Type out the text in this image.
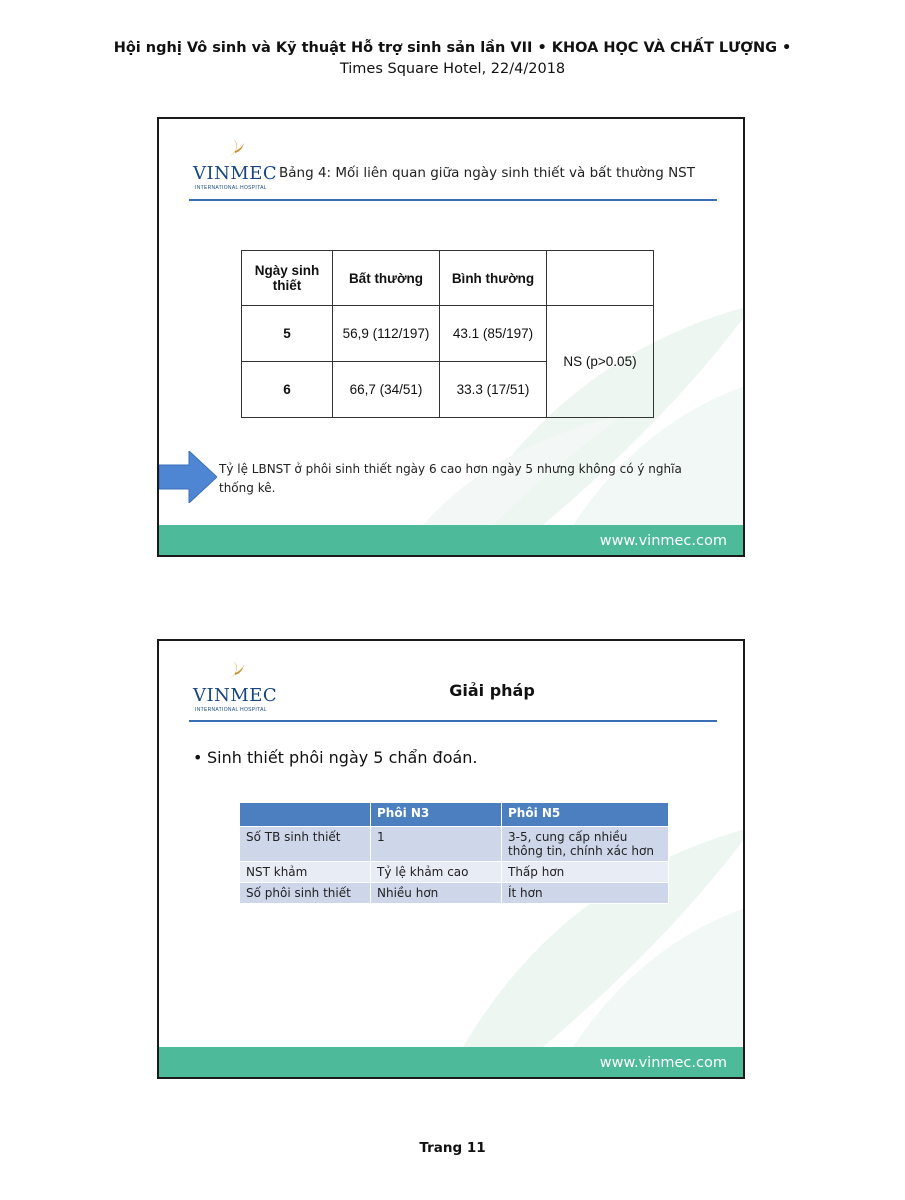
Hội nghị Vô sinh và Kỹ thuật Hỗ trợ sinh sản lần VII • KHOA HỌC VÀ CHẤT LƯỢNG •
Times Square Hotel, 22/4/2018
VINMEC
INTERNATIONAL HOSPITAL
Bảng 4: Mối liên quan giữa ngày sinh thiết và bất thường NST
Ngày sinh thiết	Bất thường	Bình thường	
5	56,9 (112/197)	43.1 (85/197)	NS (p>0.05)
6	66,7 (34/51)	33.3 (17/51)	
Tỷ lệ LBNST ở phôi sinh thiết ngày 6 cao hơn ngày 5 nhưng không có ý nghĩa thống kê.
www.vinmec.com
VINMEC
INTERNATIONAL HOSPITAL
Giải pháp
• Sinh thiết phôi ngày 5 chẩn đoán.
	Phôi N3	Phôi N5
Số TB sinh thiết	1	3-5, cung cấp nhiều thông tin, chính xác hơn
NST khảm	Tỷ lệ khảm cao	Thấp hơn
Số phôi sinh thiết	Nhiều hơn	Ít hơn
www.vinmec.com
Trang 11
